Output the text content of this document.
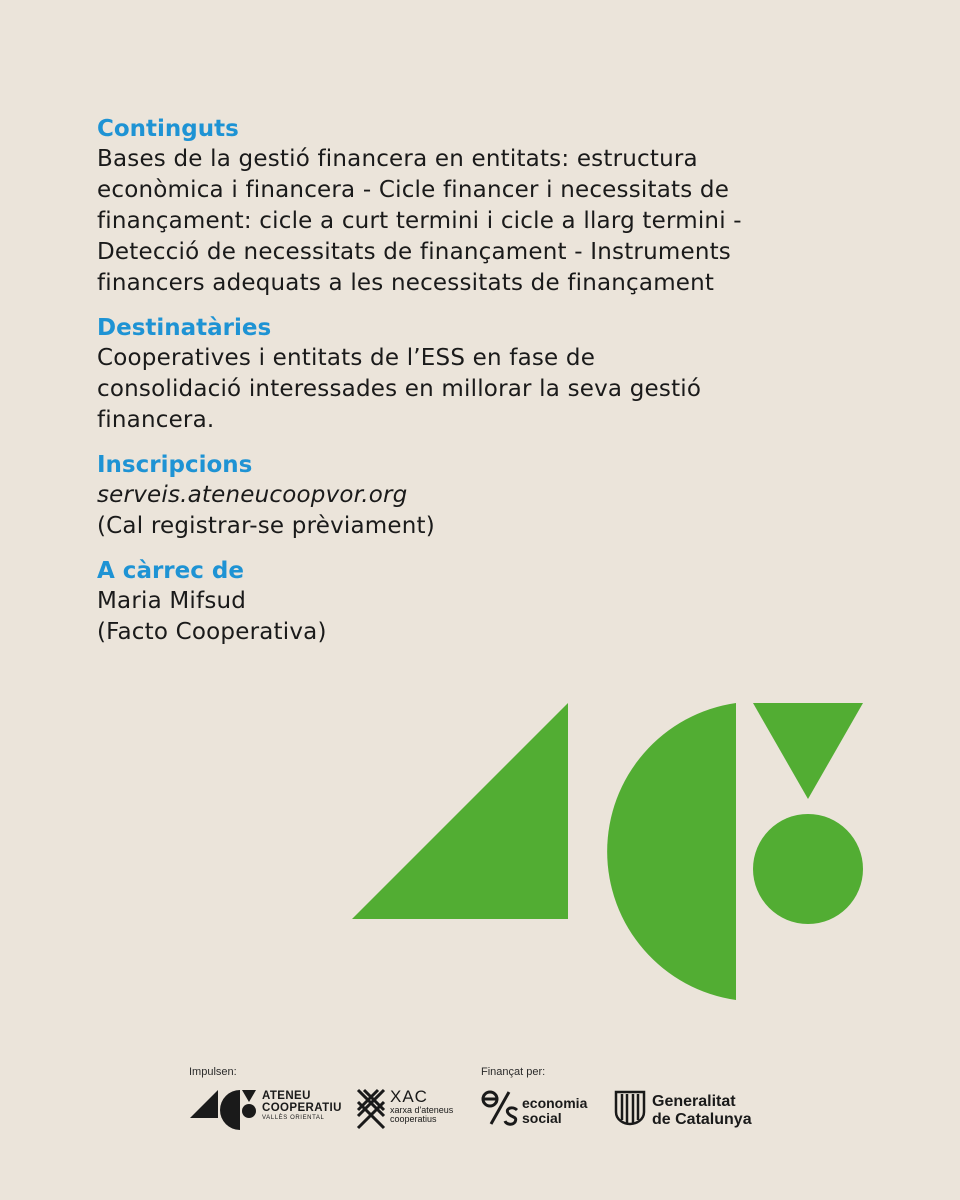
Continguts
Bases de la gestió financera en entitats: estructura
econòmica i financera - Cicle financer i necessitats de
finançament: cicle a curt termini i cicle a llarg termini -
Detecció de necessitats de finançament - Instruments
financers adequats a les necessitats de finançament
Destinatàries
Cooperatives i entitats de l’ESS en fase de
consolidació interessades en millorar la seva gestió
financera.
Inscripcions
serveis.ateneucoopvor.org
(Cal registrar-se prèviament)
A càrrec de
Maria Mifsud
(Facto Cooperativa)
Impulsen:	Finançat per:
ATENEU
COOPERATIU
VALLÈS ORIENTAL
XAC
xarxa d'ateneus
cooperatius
economia
social
Generalitat
de Catalunya
